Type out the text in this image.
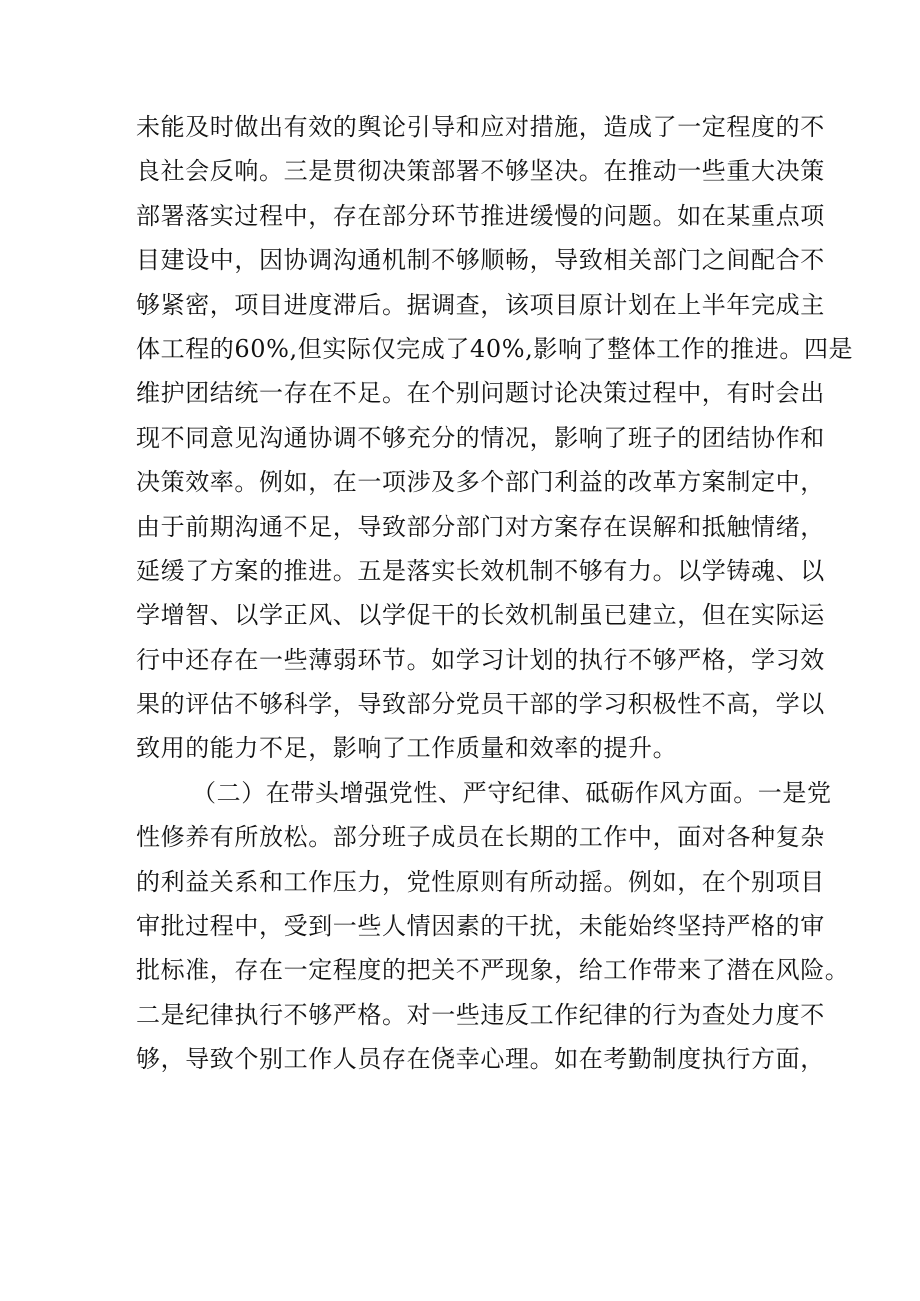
未能及时做出有效的舆论引导和应对措施，造成了一定程度的不
良社会反响。三是贯彻决策部署不够坚决。在推动一些重大决策
部署落实过程中，存在部分环节推进缓慢的问题。如在某重点项
目建设中，因协调沟通机制不够顺畅，导致相关部门之间配合不
够紧密，项目进度滞后。据调查，该项目原计划在上半年完成主
体工程的60%,但实际仅完成了40%,影响了整体工作的推进。四是
维护团结统一存在不足。在个别问题讨论决策过程中，有时会出
现不同意见沟通协调不够充分的情况，影响了班子的团结协作和
决策效率。例如，在一项涉及多个部门利益的改革方案制定中，
由于前期沟通不足，导致部分部门对方案存在误解和抵触情绪，
延缓了方案的推进。五是落实长效机制不够有力。以学铸魂、以
学增智、以学正风、以学促干的长效机制虽已建立，但在实际运
行中还存在一些薄弱环节。如学习计划的执行不够严格，学习效
果的评估不够科学，导致部分党员干部的学习积极性不高，学以
致用的能力不足，影响了工作质量和效率的提升。
（二）在带头增强党性、严守纪律、砥砺作风方面。一是党
性修养有所放松。部分班子成员在长期的工作中，面对各种复杂
的利益关系和工作压力，党性原则有所动摇。例如，在个别项目
审批过程中，受到一些人情因素的干扰，未能始终坚持严格的审
批标准，存在一定程度的把关不严现象，给工作带来了潜在风险。
二是纪律执行不够严格。对一些违反工作纪律的行为查处力度不
够，导致个别工作人员存在侥幸心理。如在考勤制度执行方面，
